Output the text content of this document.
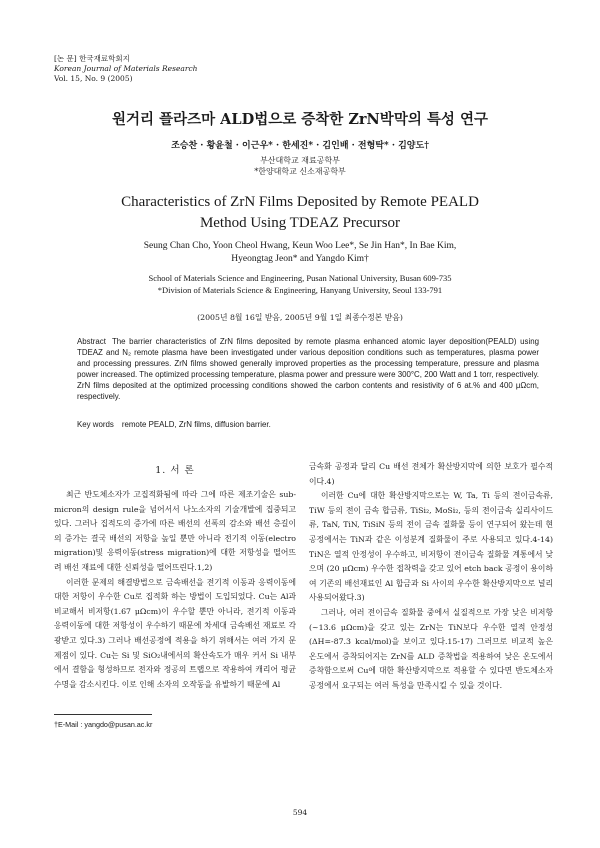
[논 문] 한국재료학회지
Korean Journal of Materials Research
Vol. 15, No. 9 (2005)
원거리 플라즈마 ALD법으로 증착한 ZrN박막의 특성 연구
조승찬 · 황윤철 · 이근우* · 한세진* · 김인배 · 전형탁* · 김양도†
부산대학교 재료공학부
*한양대학교 신소재공학부
Characteristics of ZrN Films Deposited by Remote PEALD
Method Using TDEAZ Precursor
Seung Chan Cho, Yoon Cheol Hwang, Keun Woo Lee*, Se Jin Han*, In Bae Kim,
Hyeongtag Jeon* and Yangdo Kim†
School of Materials Science and Engineering, Pusan National University, Busan 609-735
*Division of Materials Science & Engineering, Hanyang University, Seoul 133-791
(2005년 8월 16일 받음, 2005년 9월 1일 최종수정본 받음)
Abstract The barrier characteristics of ZrN films deposited by remote plasma enhanced atomic layer deposition(PEALD) using TDEAZ and N₂ remote plasma have been investigated under various deposition conditions such as temperatures, plasma power and processing pressures. ZrN films showed generally improved properties as the processing temperature, pressure and plasma power increased. The optimized processing temperature, plasma power and pressure were 300°C, 200 Watt and 1 torr, respectively. ZrN films deposited at the optimized processing conditions showed the carbon contents and resistivity of 6 at.% and 400 μΩcm, respectively.
Key words remote PEALD, ZrN films, diffusion barrier.
1. 서 론

최근 반도체소자가 고집적화됨에 따라 그에 따른 제조기술은 sub-micron의 design rule을 넘어서서 나노소자의 기술개발에 집중되고 있다. 그러나 집적도의 증가에 따른 배선의 선폭의 감소와 배선 층길이의 증가는 결국 배선의 저항을 높일 뿐만 아니라 전기적 이동(electro migration)및 응력이동(stress migration)에 대한 저항성을 떨어뜨려 배선 재료에 대한 신뢰성을 떨어뜨린다.1,2)

이러한 문제의 해결방법으로 금속배선을 전기적 이동과 응력이동에 대한 저항이 우수한 Cu로 집적화 하는 방법이 도입되었다. Cu는 Al과 비교해서 비저항(1.67 μΩcm)이 우수할 뿐만 아니라, 전기적 이동과 응력이동에 대한 저항성이 우수하기 때문에 차세대 금속배선 재료로 각광받고 있다.3) 그러나 배선공정에 적용을 하기 위해서는 여러 가지 문제점이 있다. Cu는 Si 및 SiO₂내에서의 확산속도가 매우 커서 Si 내부에서 결함을 형성하므로 전자와 정공의 트랩으로 작용하여 캐리어 평균 수명을 감소시킨다. 이로 인해 소자의 오작동을 유발하기 때문에 Al

금속화 공정과 달리 Cu 배선 전체가 확산방지막에 의한 보호가 필수적이다.4)

이러한 Cu에 대한 확산방지막으로는 W, Ta, Ti 등의 전이금속류, TiW 등의 전이 금속 합금류, TiSi₂, MoSi₂, 등의 전이금속 실리사이드류, TaN, TiN, TiSiN 등의 전이 금속 질화물 등이 연구되어 왔는데 현 공정에서는 TiN과 같은 이성분계 질화물이 주로 사용되고 있다.4-14) TiN은 열적 안정성이 우수하고, 비저항이 전이금속 질화물 계통에서 낮으며 (20 μΩcm) 우수한 접착력을 갖고 있어 etch back 공정이 용이하여 기존의 배선재료인 Al 합금과 Si 사이의 우수한 확산방지막으로 널리 사용되어왔다.3)

그러나, 여러 전이금속 질화물 중에서 실질적으로 가장 낮은 비저항(~13.6 μΩcm)을 갖고 있는 ZrN는 TiN보다 우수한 열적 안정성(ΔH=-87.3 kcal/mol)을 보이고 있다.15-17) 그러므로 비교적 높은 온도에서 증착되어지는 ZrN를 ALD 증착법을 적용하여 낮은 온도에서 증착함으로써 Cu에 대한 확산방지막으로 적용할 수 있다면 반도체소자 공정에서 요구되는 여러 특성을 만족시킬 수 있을 것이다.

†E-Mail : yangdo@pusan.ac.kr
594
